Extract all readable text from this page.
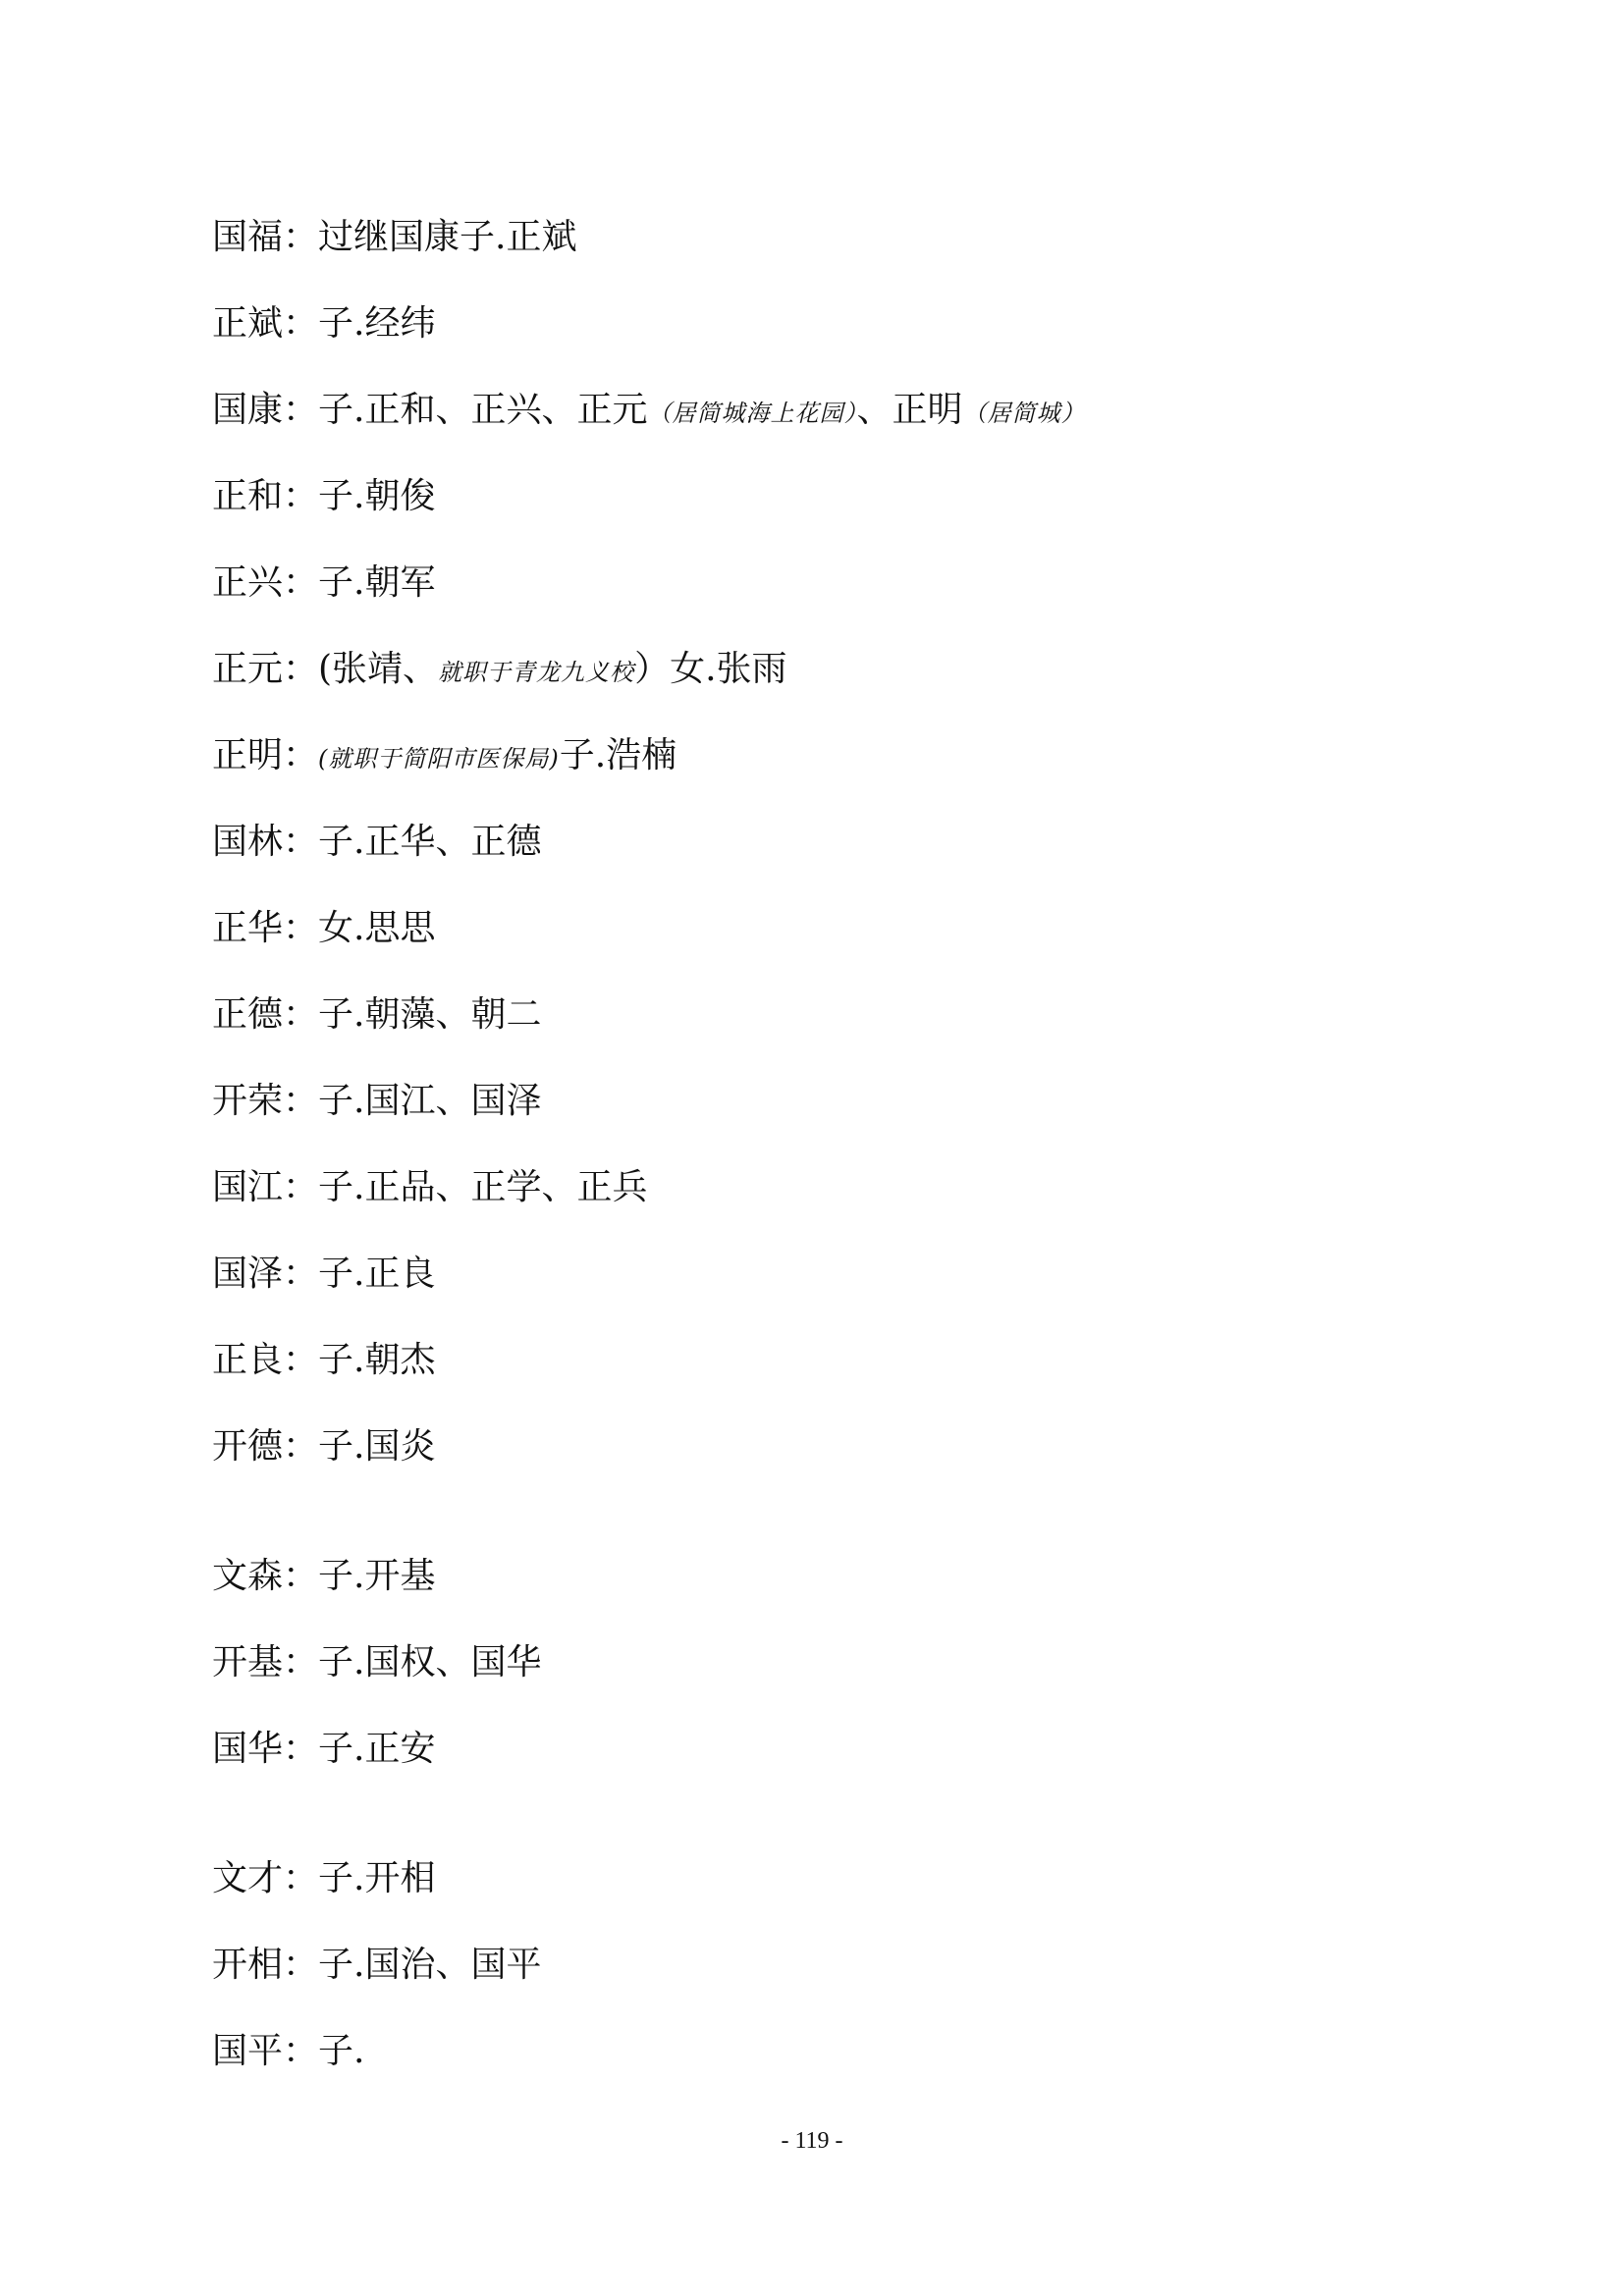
国福：过继国康子.正斌
正斌：子.经纬
国康：子.正和、正兴、正元（居简城海上花园）、正明（居简城）
正和：子.朝俊
正兴：子.朝军
正元：(张靖、就职于青龙九义校）女.张雨
正明：(就职于简阳市医保局)子.浩楠
国林：子.正华、正德
正华：女.思思
正德：子.朝藻、朝二
开荣：子.国江、国泽
国江：子.正品、正学、正兵
国泽：子.正良
正良：子.朝杰
开德：子.国炎
文森：子.开基
开基：子.国权、国华
国华：子.正安
文才：子.开相
开相：子.国治、国平
国平：子.
- 119 -
